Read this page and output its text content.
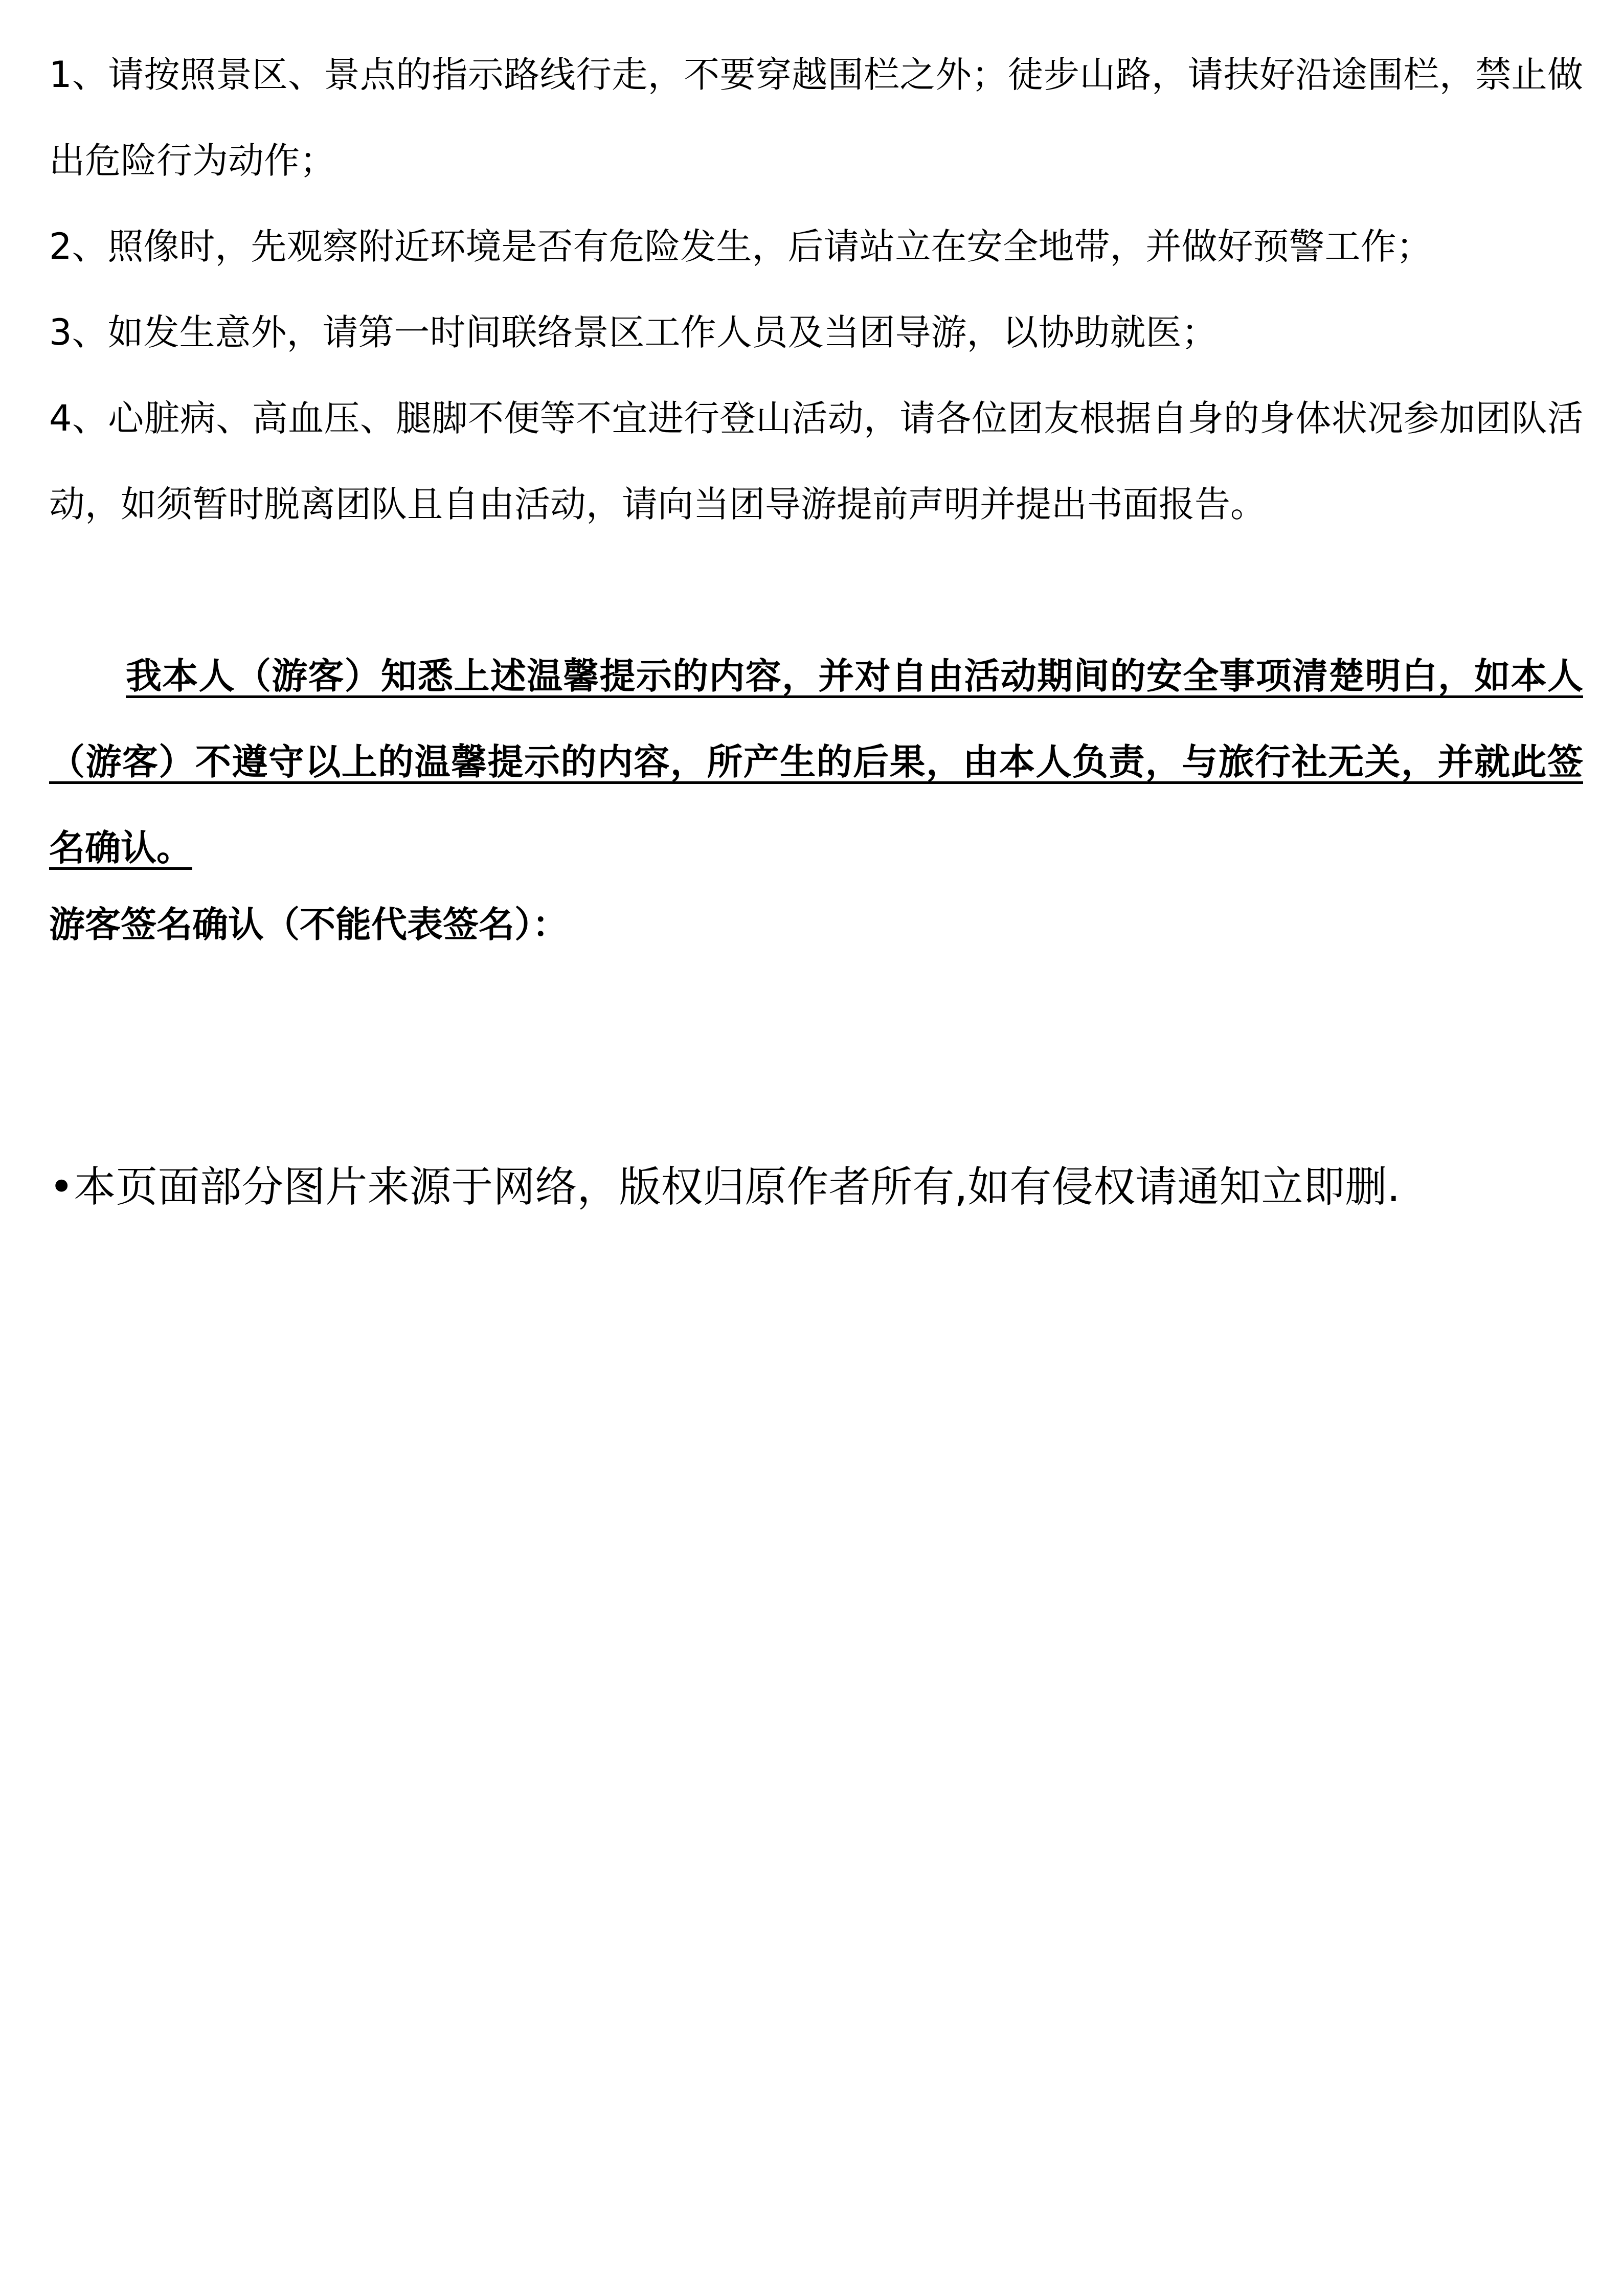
1、请按照景区、景点的指示路线行走，不要穿越围栏之外；徒步山路，请扶好沿途围栏，禁止做出危险行为动作；

2、照像时，先观察附近环境是否有危险发生，后请站立在安全地带，并做好预警工作；

3、如发生意外，请第一时间联络景区工作人员及当团导游，以协助就医；

4、心脏病、高血压、腿脚不便等不宜进行登山活动，请各位团友根据自身的身体状况参加团队活动，如须暂时脱离团队且自由活动，请向当团导游提前声明并提出书面报告。

我本人（游客）知悉上述温馨提示的内容，并对自由活动期间的安全事项清楚明白，如本人（游客）不遵守以上的温馨提示的内容，所产生的后果，由本人负责，与旅行社无关，并就此签名确认。

游客签名确认（不能代表签名）：

•本页面部分图片来源于网络，版权归原作者所有,如有侵权请通知立即删.
